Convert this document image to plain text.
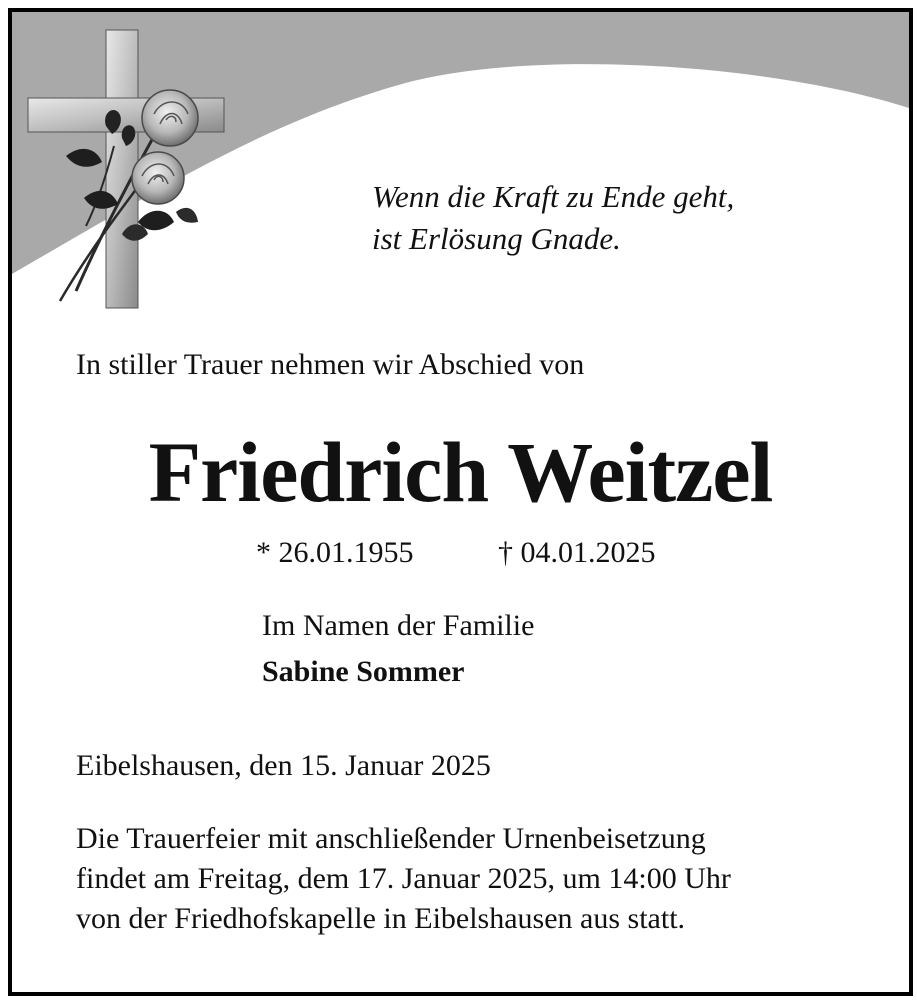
Wenn die Kraft zu Ende geht,
ist Erlösung Gnade.
In stiller Trauer nehmen wir Abschied von
Friedrich Weitzel
* 26.01.1955	† 04.01.2025
Im Namen der Familie
Sabine Sommer
Eibelshausen, den 15. Januar 2025
Die Trauerfeier mit anschließender Urnenbeisetzung
findet am Freitag, dem 17. Januar 2025, um 14:00 Uhr
von der Friedhofskapelle in Eibelshausen aus statt.
